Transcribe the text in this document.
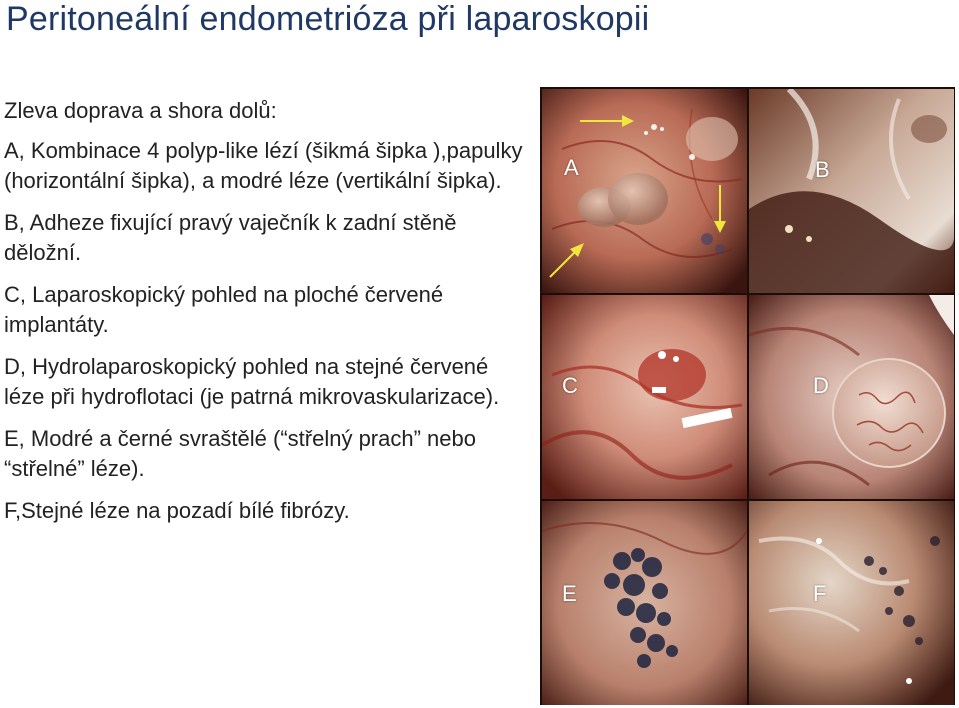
Peritoneální endometrióza při laparoskopii

Zleva doprava a shora dolů:

A, Kombinace 4 polyp-like lézí (šikmá šipka ),papulky (horizontální šipka), a modré léze (vertikální šipka).

B, Adheze fixující pravý vaječník k zadní stěně děložní.

C, Laparoskopický pohled na ploché červené implantáty.

D, Hydrolaparoskopický pohled na stejné červené léze při hydroflotaci (je patrná mikrovaskularizace).

E, Modré a černé svraštělé (“střelný prach” nebo “střelné” léze).

F,Stejné léze na pozadí bílé fibrózy.

A	B
C	D
E	F
